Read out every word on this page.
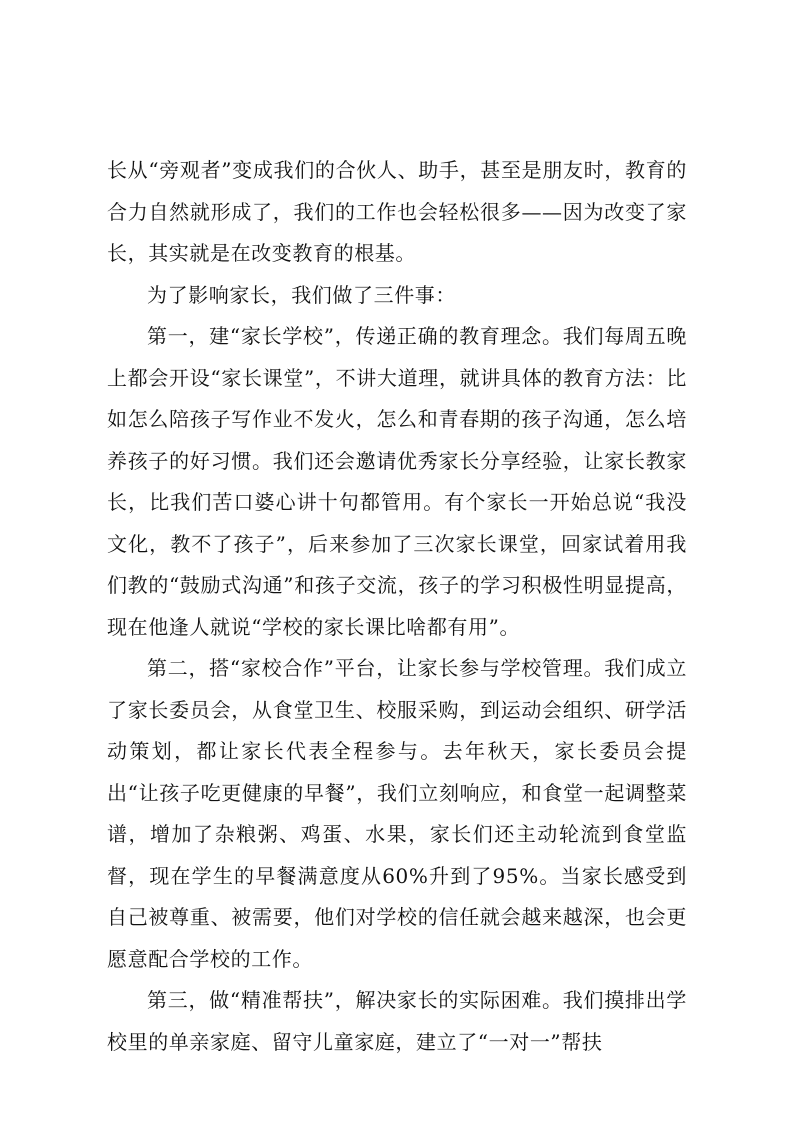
长从“旁观者”变成我们的合伙人、助手，甚至是朋友时，教育的合力自然就形成了，我们的工作也会轻松很多——因为改变了家长，其实就是在改变教育的根基。

为了影响家长，我们做了三件事：

第一，建“家长学校”，传递正确的教育理念。我们每周五晚上都会开设“家长课堂”，不讲大道理，就讲具体的教育方法：比如怎么陪孩子写作业不发火，怎么和青春期的孩子沟通，怎么培养孩子的好习惯。我们还会邀请优秀家长分享经验，让家长教家长，比我们苦口婆心讲十句都管用。有个家长一开始总说“我没文化，教不了孩子”，后来参加了三次家长课堂，回家试着用我们教的“鼓励式沟通”和孩子交流，孩子的学习积极性明显提高，现在他逢人就说“学校的家长课比啥都有用”。

第二，搭“家校合作”平台，让家长参与学校管理。我们成立了家长委员会，从食堂卫生、校服采购，到运动会组织、研学活动策划，都让家长代表全程参与。去年秋天，家长委员会提出“让孩子吃更健康的早餐”，我们立刻响应，和食堂一起调整菜谱，增加了杂粮粥、鸡蛋、水果，家长们还主动轮流到食堂监督，现在学生的早餐满意度从60%升到了95%。当家长感受到自己被尊重、被需要，他们对学校的信任就会越来越深，也会更愿意配合学校的工作。

第三，做“精准帮扶”，解决家长的实际困难。我们摸排出学校里的单亲家庭、留守儿童家庭，建立了“一对一”帮扶
